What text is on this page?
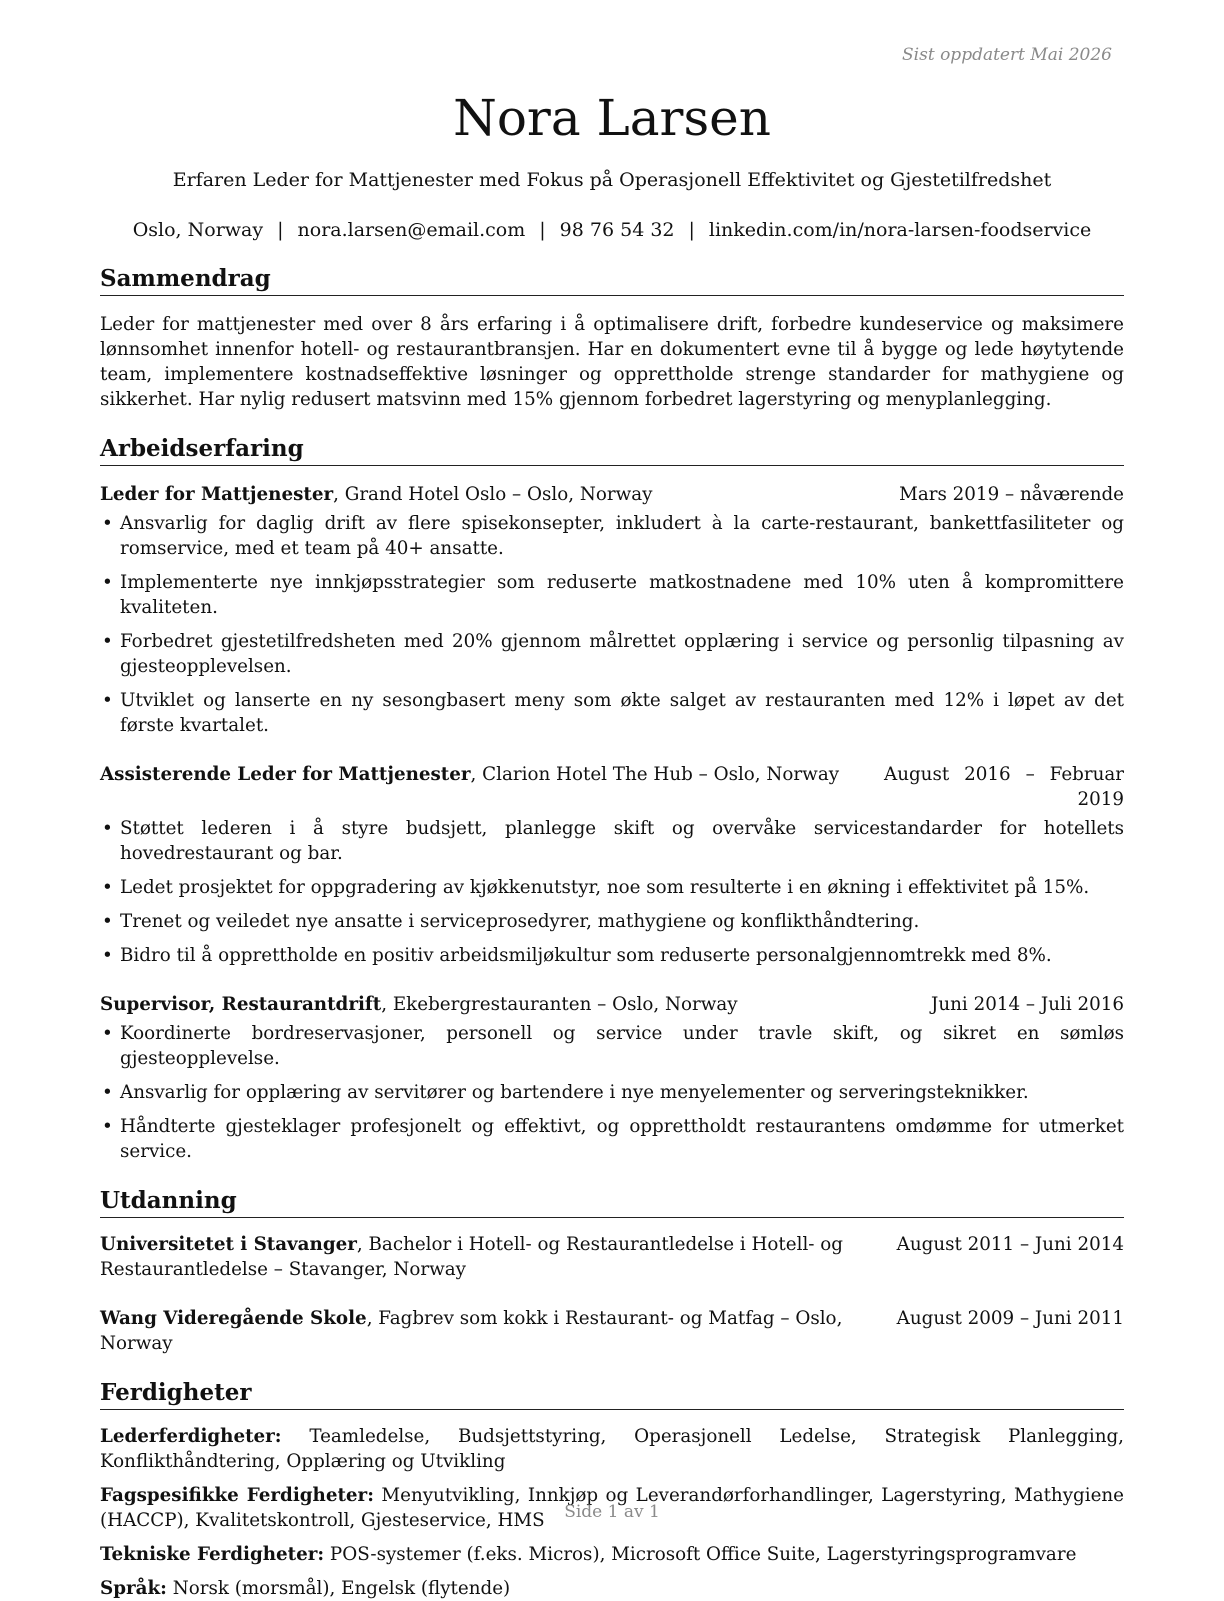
Sist oppdatert Mai 2026
Nora Larsen
Erfaren Leder for Mattjenester med Fokus på Operasjonell Effektivitet og Gjestetilfredshet
Oslo, Norway | nora.larsen@email.com | 98 76 54 32 | linkedin.com/in/nora-larsen-foodservice
Sammendrag
Leder for mattjenester med over 8 års erfaring i å optimalisere drift, forbedre kundeservice og maksimere lønnsomhet innenfor hotell- og restaurantbransjen. Har en dokumentert evne til å bygge og lede høytytende team, implementere kostnadseffektive løsninger og opprettholde strenge standarder for mathygiene og sikkerhet. Har nylig redusert matsvinn med 15% gjennom forbedret lagerstyring og menyplanlegging.
Arbeidserfaring
Leder for Mattjenester, Grand Hotel Oslo – Oslo, Norway	Mars 2019 – nåværende
• Ansvarlig for daglig drift av flere spisekonsepter, inkludert à la carte-restaurant, bankettfasiliteter og romservice, med et team på 40+ ansatte.
• Implementerte nye innkjøpsstrategier som reduserte matkostnadene med 10% uten å kompromittere kvaliteten.
• Forbedret gjestetilfredsheten med 20% gjennom målrettet opplæring i service og personlig tilpasning av gjesteopplevelsen.
• Utviklet og lanserte en ny sesongbasert meny som økte salget av restauranten med 12% i løpet av det første kvartalet.
Assisterende Leder for Mattjenester, Clarion Hotel The Hub – Oslo, Norway	August 2016 – Februar 2019
• Støttet lederen i å styre budsjett, planlegge skift og overvåke servicestandarder for hotellets hovedrestaurant og bar.
• Ledet prosjektet for oppgradering av kjøkkenutstyr, noe som resulterte i en økning i effektivitet på 15%.
• Trenet og veiledet nye ansatte i serviceprosedyrer, mathygiene og konflikthåndtering.
• Bidro til å opprettholde en positiv arbeidsmiljøkultur som reduserte personalgjennomtrekk med 8%.
Supervisor, Restaurantdrift, Ekebergrestauranten – Oslo, Norway	Juni 2014 – Juli 2016
• Koordinerte bordreservasjoner, personell og service under travle skift, og sikret en sømløs gjesteopplevelse.
• Ansvarlig for opplæring av servitører og bartendere i nye menyelementer og serveringsteknikker.
• Håndterte gjesteklager profesjonelt og effektivt, og opprettholdt restaurantens omdømme for utmerket service.
Utdanning
Universitetet i Stavanger, Bachelor i Hotell- og Restaurantledelse i Hotell- og Restaurantledelse – Stavanger, Norway
August 2011 – Juni 2014
Wang Videregående Skole, Fagbrev som kokk i Restaurant- og Matfag – Oslo, Norway
August 2009 – Juni 2011
Ferdigheter
Lederferdigheter: Teamledelse, Budsjettstyring, Operasjonell Ledelse, Strategisk Planlegging, Konflikthåndtering, Opplæring og Utvikling
Fagspesifikke Ferdigheter: Menyutvikling, Innkjøp og Leverandørforhandlinger, Lagerstyring, Mathygiene (HACCP), Kvalitetskontroll, Gjesteservice, HMS
Tekniske Ferdigheter: POS-systemer (f.eks. Micros), Microsoft Office Suite, Lagerstyringsprogramvare
Språk: Norsk (morsmål), Engelsk (flytende)
Side 1 av 1
